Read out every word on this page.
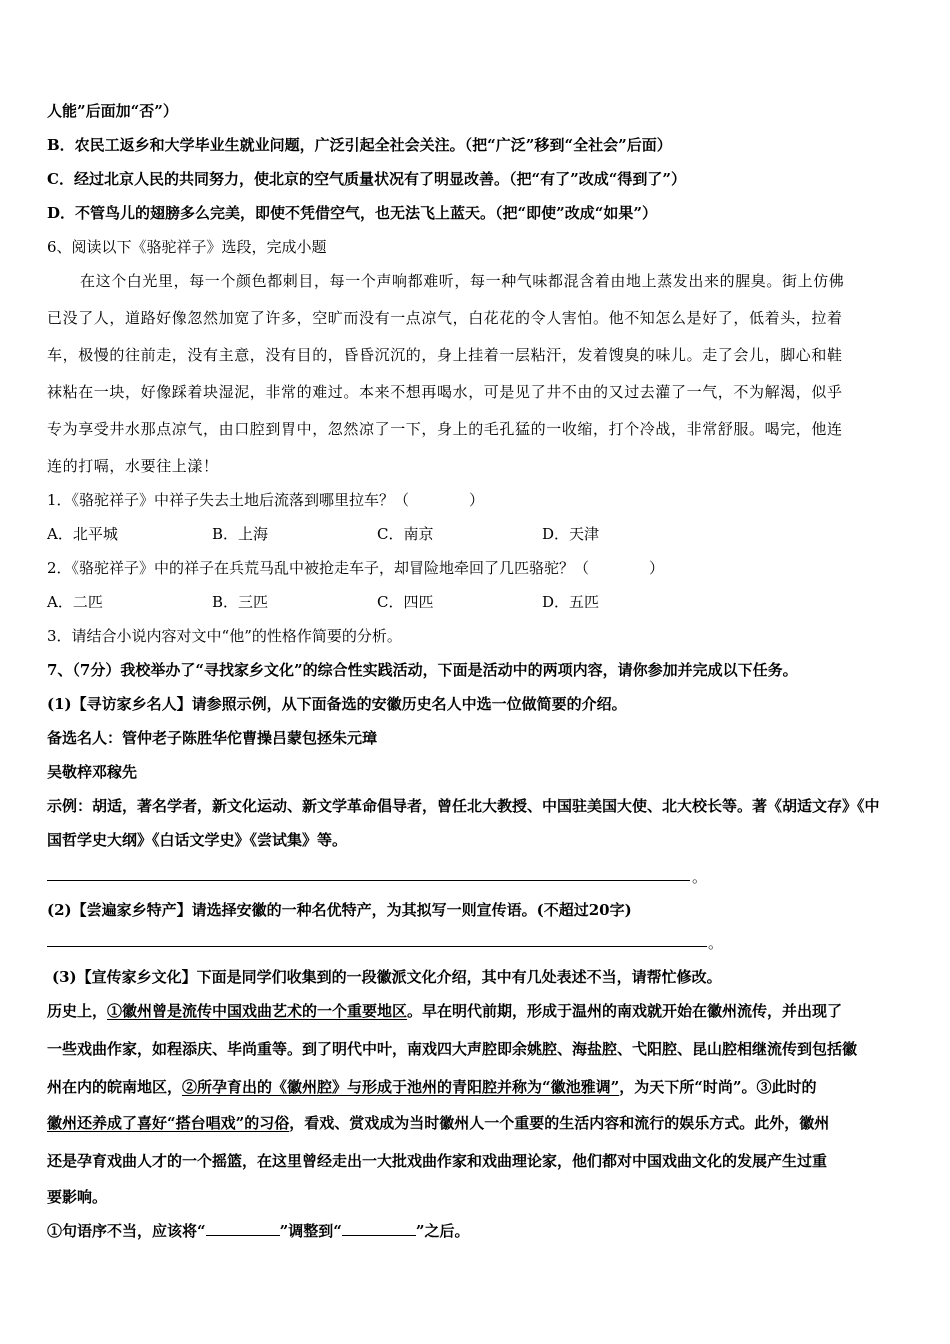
人能”后面加“否”）
B．农民工返乡和大学毕业生就业问题，广泛引起全社会关注。（把“广泛”移到“全社会”后面）
C．经过北京人民的共同努力，使北京的空气质量状况有了明显改善。（把“有了”改成“得到了”）
D．不管鸟儿的翅膀多么完美，即使不凭借空气，也无法飞上蓝天。（把“即使”改成“如果”）
6、阅读以下《骆驼祥子》选段，完成小题
在这个白光里，每一个颜色都刺目，每一个声响都难听，每一种气味都混含着由地上蒸发出来的腥臭。街上仿佛
已没了人，道路好像忽然加宽了许多，空旷而没有一点凉气，白花花的令人害怕。他不知怎么是好了，低着头，拉着
车，极慢的往前走，没有主意，没有目的，昏昏沉沉的，身上挂着一层粘汗，发着馊臭的味儿。走了会儿，脚心和鞋
袜粘在一块，好像踩着块湿泥，非常的难过。本来不想再喝水，可是见了井不由的又过去灌了一气，不为解渴，似乎
专为享受井水那点凉气，由口腔到胃中，忽然凉了一下，身上的毛孔猛的一收缩，打个冷战，非常舒服。喝完，他连
连的打嗝，水要往上漾！
1．《骆驼祥子》中祥子失去土地后流落到哪里拉车？（　　　　）
A．北平城	B．上海	C．南京	D．天津
2．《骆驼祥子》中的祥子在兵荒马乱中被抢走车子，却冒险地牵回了几匹骆驼？（　　　　）
A．二匹	B．三匹	C．四匹	D．五匹
3．请结合小说内容对文中“他”的性格作简要的分析。
7、（7分）我校举办了“寻找家乡文化”的综合性实践活动，下面是活动中的两项内容，请你参加并完成以下任务。
(1)【寻访家乡名人】请参照示例，从下面备选的安徽历史名人中选一位做简要的介绍。
备选名人：管仲老子陈胜华佗曹操吕蒙包拯朱元璋
吴敬梓邓稼先
示例：胡适，著名学者，新文化运动、新文学革命倡导者，曾任北大教授、中国驻美国大使、北大校长等。著《胡适文存》《中
国哲学史大纲》《白话文学史》《尝试集》等。
。
(2)【尝遍家乡特产】请选择安徽的一种名优特产，为其拟写一则宣传语。(不超过20字)
。
(3)【宣传家乡文化】下面是同学们收集到的一段徽派文化介绍，其中有几处表述不当，请帮忙修改。
历史上，①徽州曾是流传中国戏曲艺术的一个重要地区。早在明代前期，形成于温州的南戏就开始在徽州流传，并出现了
一些戏曲作家，如程添庆、毕尚重等。到了明代中叶，南戏四大声腔即余姚腔、海盐腔、弋阳腔、昆山腔相继流传到包括徽
州在内的皖南地区，②所孕育出的《徽州腔》与形成于池州的青阳腔并称为“徽池雅调”，为天下所“时尚”。③此时的
徽州还养成了喜好“搭台唱戏”的习俗，看戏、赏戏成为当时徽州人一个重要的生活内容和流行的娱乐方式。此外，徽州
还是孕育戏曲人才的一个摇篮，在这里曾经走出一大批戏曲作家和戏曲理论家，他们都对中国戏曲文化的发展产生过重
要影响。
①句语序不当，应该将“	”调整到“	”之后。
